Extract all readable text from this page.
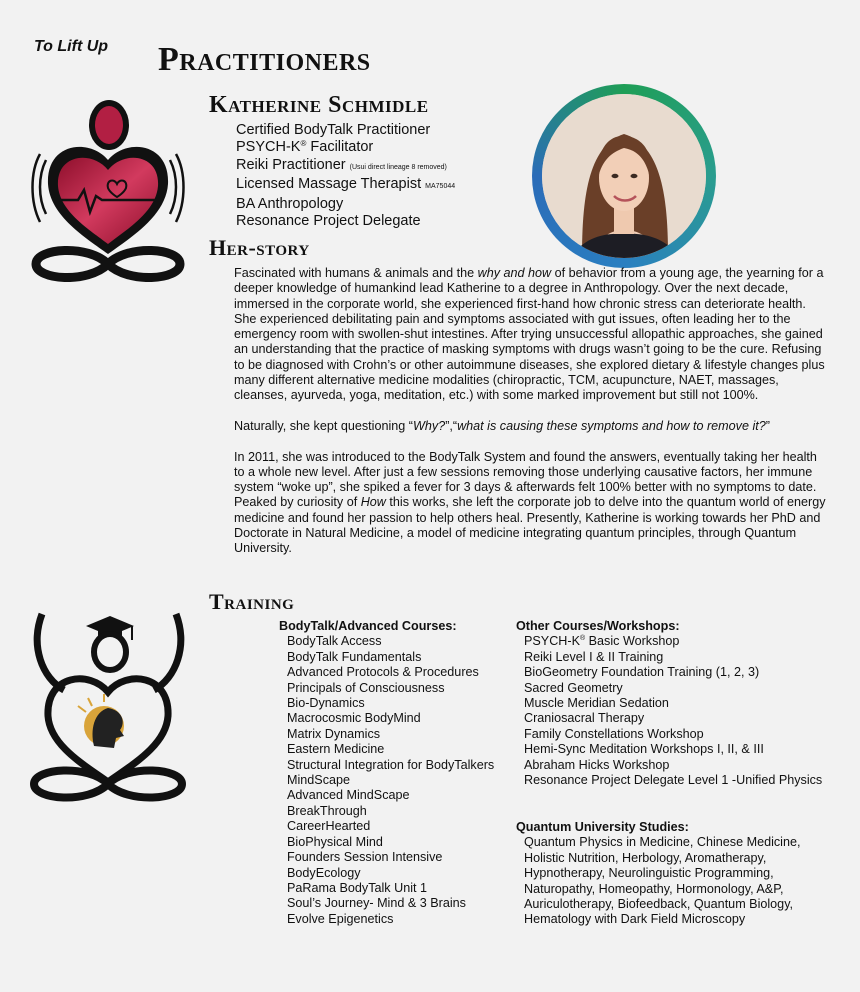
To Lift Up Practitioners
Katherine Schmidle
Certified BodyTalk Practitioner
PSYCH-K® Facilitator
Reiki Practitioner (Usui direct lineage 8 removed)
Licensed Massage Therapist MA75044
BA Anthropology
Resonance Project Delegate
Her-story

Fascinated with humans & animals and the why and how of behavior from a young age, the yearning for a deeper knowledge of humankind lead Katherine to a degree in Anthropology. Over the next decade, immersed in the corporate world, she experienced first-hand how chronic stress can deteriorate health. She experienced debilitating pain and symptoms associated with gut issues, often leading her to the emergency room with swollen-shut intestines. After trying unsuccessful allopathic approaches, she gained an understanding that the practice of masking symptoms with drugs wasn’t going to be the cure. Refusing to be diagnosed with Crohn’s or other autoimmune diseases, she explored dietary & lifestyle changes plus many different alternative medicine modalities (chiropractic, TCM, acupuncture, NAET, massages, cleanses, ayurveda, yoga, meditation, etc.) with some marked improvement but still not 100%.

Naturally, she kept questioning “Why?”,“what is causing these symptoms and how to remove it?”

In 2011, she was introduced to the BodyTalk System and found the answers, eventually taking her health to a whole new level. After just a few sessions removing those underlying causative factors, her immune system “woke up”, she spiked a fever for 3 days & afterwards felt 100% better with no symptoms to date. Peaked by curiosity of How this works, she left the corporate job to delve into the quantum world of energy medicine and found her passion to help others heal. Presently, Katherine is working towards her PhD and Doctorate in Natural Medicine, a model of medicine integrating quantum principles, through Quantum University.

Training
BodyTalk/Advanced Courses:
BodyTalk Access
BodyTalk Fundamentals
Advanced Protocols & Procedures
Principals of Consciousness
Bio-Dynamics
Macrocosmic BodyMind
Matrix Dynamics
Eastern Medicine
Structural Integration for BodyTalkers
MindScape
Advanced MindScape
BreakThrough
CareerHearted
BioPhysical Mind
Founders Session Intensive
BodyEcology
PaRama BodyTalk Unit 1
Soul’s Journey- Mind & 3 Brains
Evolve Epigenetics
Other Courses/Workshops:
PSYCH-K® Basic Workshop
Reiki Level I & II Training
BioGeometry Foundation Training (1, 2, 3)
Sacred Geometry
Muscle Meridian Sedation
Craniosacral Therapy
Family Constellations Workshop
Hemi-Sync Meditation Workshops I, II, & III
Abraham Hicks Workshop
Resonance Project Delegate Level 1 -Unified Physics
Quantum University Studies:
Quantum Physics in Medicine, Chinese Medicine,
Holistic Nutrition, Herbology, Aromatherapy,
Hypnotherapy, Neurolinguistic Programming,
Naturopathy, Homeopathy, Hormonology, A&P,
Auriculotherapy, Biofeedback, Quantum Biology,
Hematology with Dark Field Microscopy
